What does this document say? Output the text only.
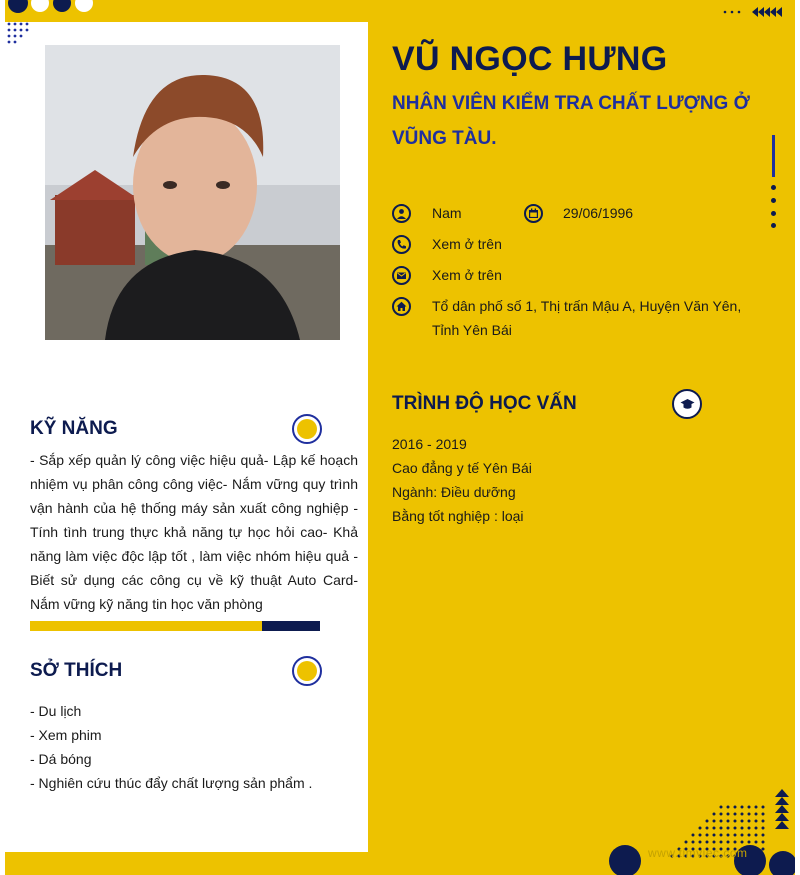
VŨ NGỌC HƯNG
NHÂN VIÊN KIỂM TRA CHẤT LƯỢNG Ở VŨNG TÀU.
Nam	29/06/1996
Xem ở trên
Xem ở trên
Tổ dân phố số 1, Thị trấn Mậu A, Huyện Văn Yên, Tỉnh Yên Bái
KỸ NĂNG
- Sắp xếp quản lý công việc hiệu quả- Lập kế hoạch nhiệm vụ phân công công việc- Nắm vững quy trình vận hành của hệ thống máy sản xuất công nghiệp - Tính tình trung thực khả năng tự học hỏi cao- Khả năng làm việc độc lập tốt , làm việc nhóm hiệu quả - Biết sử dụng các công cụ về kỹ thuật Auto Card- Nắm vững kỹ năng tin học văn phòng
SỞ THÍCH
- Du lịch
- Xem phim
- Dá bóng
- Nghiên cứu thúc đẩy chất lượng sản phẩm .
TRÌNH ĐỘ HỌC VẤN
2016 - 2019
Cao đẳng y tế Yên Bái
Ngành: Điều dưỡng
Bằng tốt nghiệp : loại
www.timviec.com
